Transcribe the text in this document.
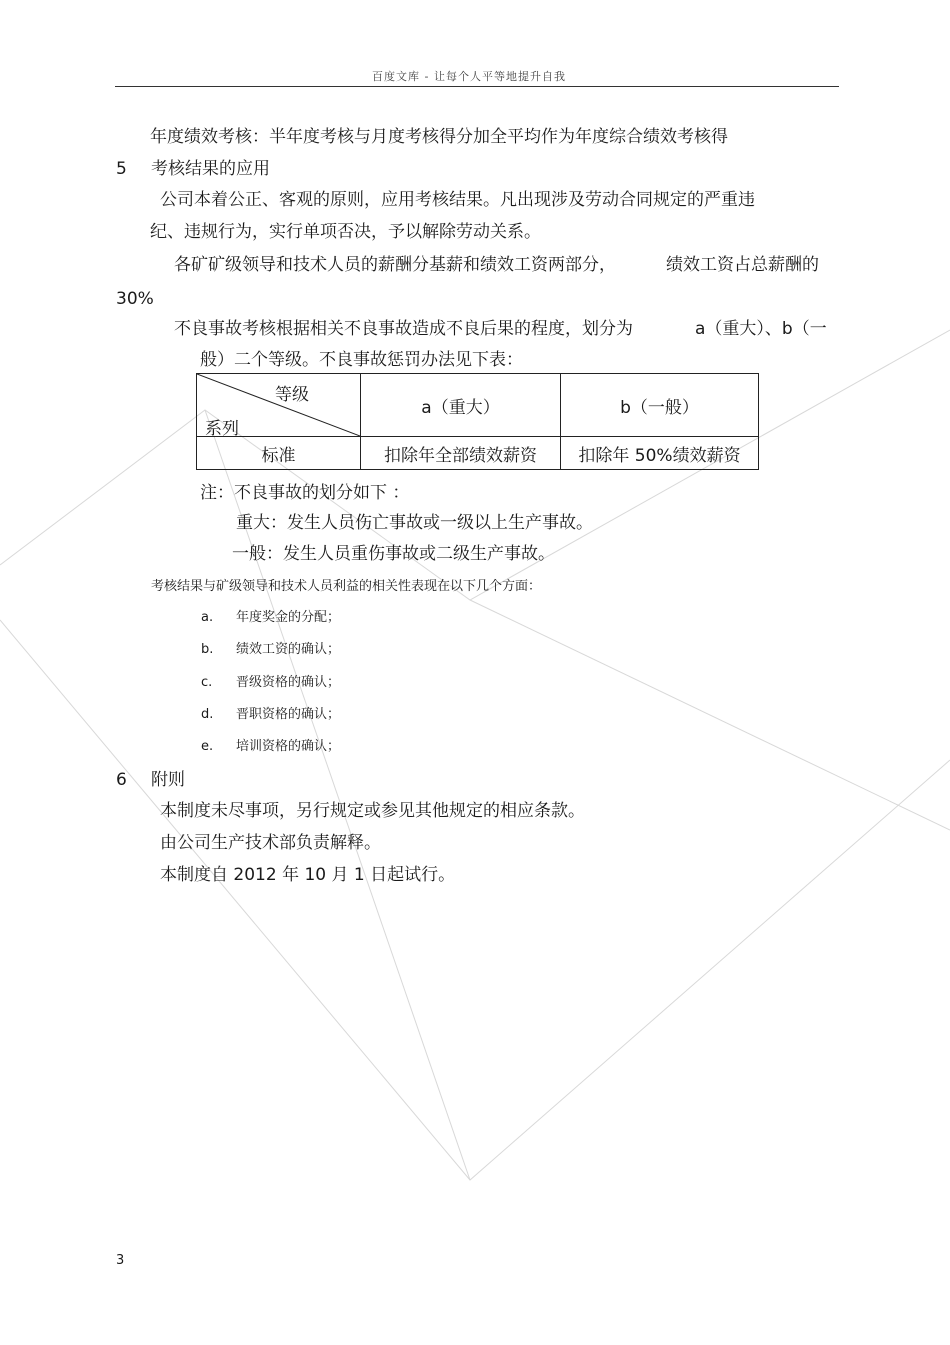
百度文库 - 让每个人平等地提升自我
年度绩效考核：半年度考核与月度考核得分加全平均作为年度综合绩效考核得
5 考核结果的应用
公司本着公正、客观的原则，应用考核结果。凡出现涉及劳动合同规定的严重违
纪、违规行为，实行单项否决，予以解除劳动关系。
各矿矿级领导和技术人员的薪酬分基薪和绩效工资两部分，	绩效工资占总薪酬的
30%
不良事故考核根据相关不良事故造成不良后果的程度，划分为	a（重大）、b（一
般）二个等级。不良事故惩罚办法见下表：
等级
系列	a（重大）	b（一般）
标准	扣除年全部绩效薪资	扣除年 50%绩效薪资
注：不良事故的划分如下 ：
重大：发生人员伤亡事故或一级以上生产事故。
一般：发生人员重伤事故或二级生产事故。
考核结果与矿级领导和技术人员利益的相关性表现在以下几个方面：
a. 年度奖金的分配；
b. 绩效工资的确认；
c. 晋级资格的确认；
d. 晋职资格的确认；
e. 培训资格的确认；
6 附则
本制度未尽事项，另行规定或参见其他规定的相应条款。
由公司生产技术部负责解释。
本制度自 2012 年 10 月 1 日起试行。
3
